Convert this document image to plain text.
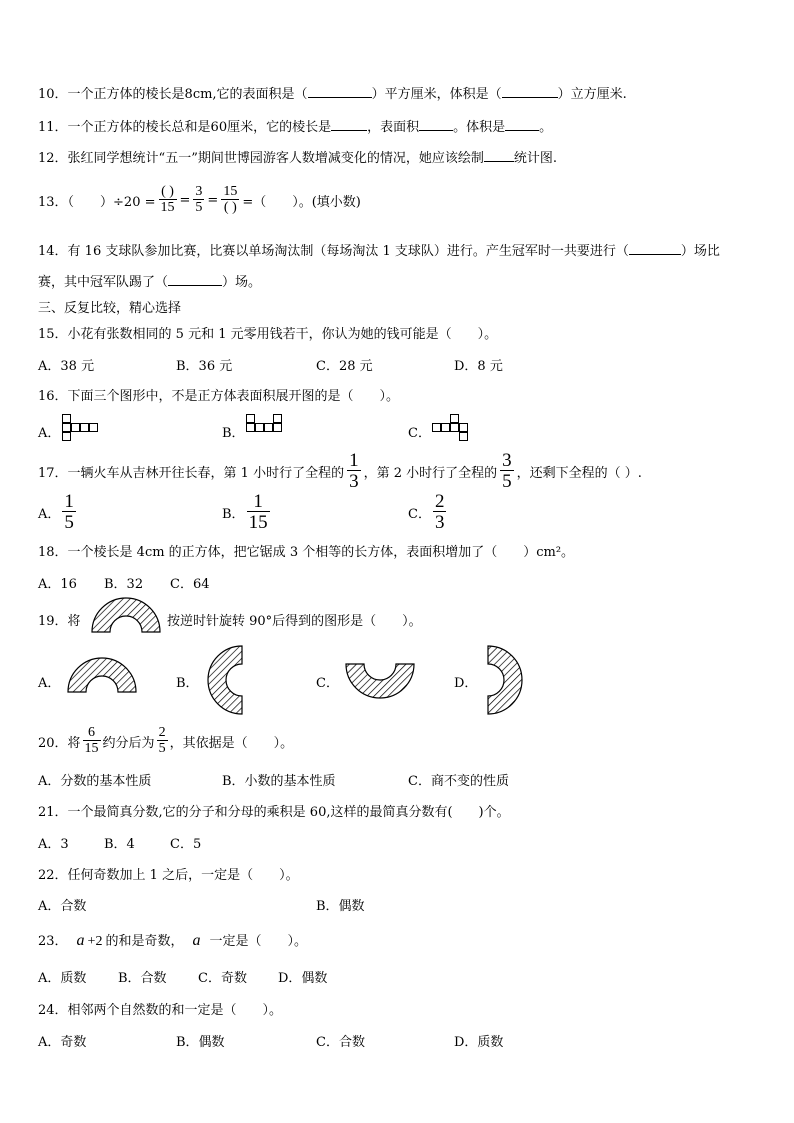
10．一个正方体的棱长是8cm,它的表面积是（	）平方厘米，体积是（	）立方厘米.
11．一个正方体的棱长总和是60厘米，它的棱长是	，表面积	。体积是	。
12．张红同学想统计“五一”期间世博园游客人数增减变化的情况，她应该绘制 统计图.
13．（　　）$\div 20 = \frac{( )}{15} = \frac{3}{5} = \frac{15}{( )}$ =（　　）。(填小数)
14．有 16 支球队参加比赛，比赛以单场淘汰制（每场淘汰 1 支球队）进行。产生冠军时一共要进行（	）场比
赛，其中冠军队踢了（	）场。
三、反复比较，精心选择
15．小花有张数相同的 5 元和 1 元零用钱若干，你认为她的钱可能是（　　）。
A．38 元	B．36 元	C．28 元	D．8 元
16．下面三个图形中，不是正方体表面积展开图的是（　　）。
A．	B．	C．
17．一辆火车从吉林开往长春，第 1 小时行了全程的 $\frac{1}{3}$ ，第 2 小时行了全程的 $\frac{3}{5}$ ，还剩下全程的（ ）.
A． $\frac{1}{5}$	B． $\frac{1}{15}$	C． $\frac{2}{3}$
18．一个棱长是 4cm 的正方体，把它锯成 3 个相等的长方体，表面积增加了（　　）cm²。
A．16 B．32 C．64
19．将	按逆时针旋转 90°后得到的图形是（　　）。
A．	B．	C．	D．
20．将 $\frac{6}{15}$ 约分后为 $\frac{2}{5}$ ，其依据是（　　）。
A．分数的基本性质	B．小数的基本性质	C．商不变的性质
21．一个最简真分数,它的分子和分母的乘积是 60,这样的最简真分数有(　　)个。
A．3	B．4	C．5
22．任何奇数加上 1 之后，一定是（　　）。
A．合数	B．偶数
23． a +2 的和是奇数， a 一定是（　　）。
A．质数 B．合数 C．奇数 D．偶数
24．相邻两个自然数的和一定是（　　）。
A．奇数	B．偶数	C．合数	D．质数
